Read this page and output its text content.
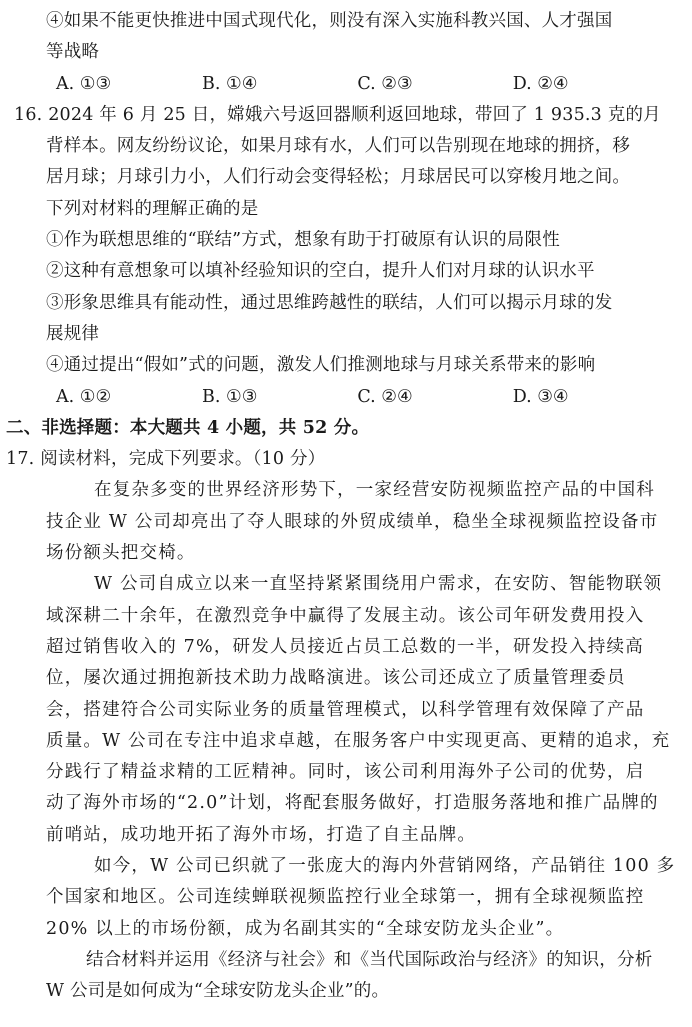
④如果不能更快推进中国式现代化，则没有深入实施科教兴国、人才强国
等战略
A. ①③	B. ①④	C. ②③	D. ②④
16. 2024 年 6 月 25 日，嫦娥六号返回器顺利返回地球，带回了 1 935.3 克的月
背样本。网友纷纷议论，如果月球有水，人们可以告别现在地球的拥挤，移
居月球；月球引力小，人们行动会变得轻松；月球居民可以穿梭月地之间。
下列对材料的理解正确的是
①作为联想思维的“联结”方式，想象有助于打破原有认识的局限性
②这种有意想象可以填补经验知识的空白，提升人们对月球的认识水平
③形象思维具有能动性，通过思维跨越性的联结，人们可以揭示月球的发
展规律
④通过提出“假如”式的问题，激发人们推测地球与月球关系带来的影响
A. ①②	B. ①③	C. ②④	D. ③④
二、非选择题：本大题共 4 小题，共 52 分。
17. 阅读材料，完成下列要求。（10 分）
在复杂多变的世界经济形势下，一家经营安防视频监控产品的中国科
技企业 W 公司却亮出了夺人眼球的外贸成绩单，稳坐全球视频监控设备市
场份额头把交椅。
W 公司自成立以来一直坚持紧紧围绕用户需求，在安防、智能物联领
域深耕二十余年，在激烈竞争中赢得了发展主动。该公司年研发费用投入
超过销售收入的 7%，研发人员接近占员工总数的一半，研发投入持续高
位，屡次通过拥抱新技术助力战略演进。该公司还成立了质量管理委员
会，搭建符合公司实际业务的质量管理模式，以科学管理有效保障了产品
质量。W 公司在专注中追求卓越，在服务客户中实现更高、更精的追求，充
分践行了精益求精的工匠精神。同时，该公司利用海外子公司的优势，启
动了海外市场的“2.0”计划，将配套服务做好，打造服务落地和推广品牌的
前哨站，成功地开拓了海外市场，打造了自主品牌。
如今，W 公司已织就了一张庞大的海内外营销网络，产品销往 100 多
个国家和地区。公司连续蝉联视频监控行业全球第一，拥有全球视频监控
20% 以上的市场份额，成为名副其实的“全球安防龙头企业”。
结合材料并运用《经济与社会》和《当代国际政治与经济》的知识，分析
W 公司是如何成为“全球安防龙头企业”的。
